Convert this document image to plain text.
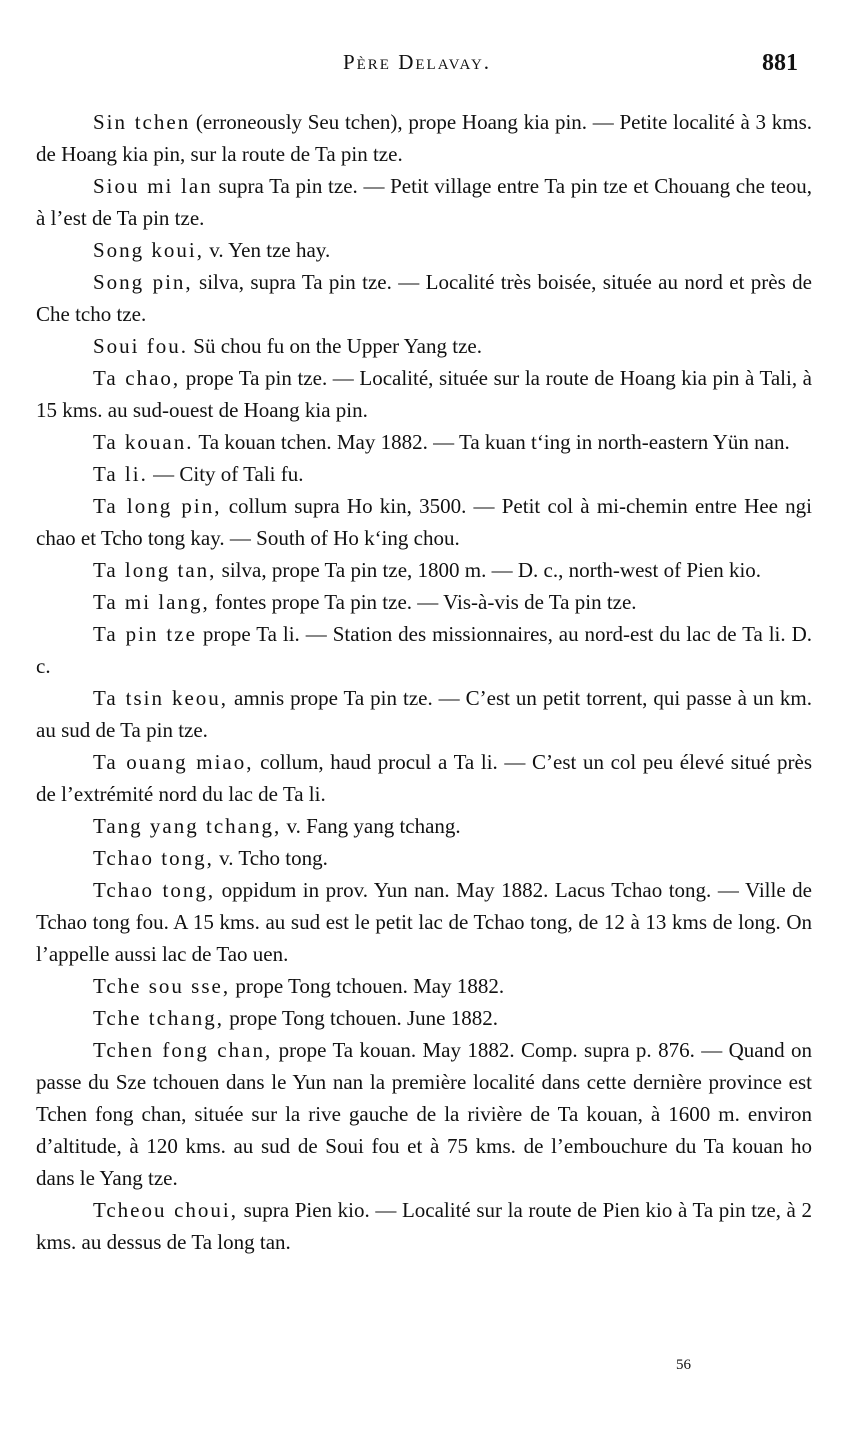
Père Delavay.	881

Sin tchen (erroneously Seu tchen), prope Hoang kia pin. — Petite localité à 3 kms. de Hoang kia pin, sur la route de Ta pin tze.

Siou mi lan supra Ta pin tze. — Petit village entre Ta pin tze et Chouang che teou, à l’est de Ta pin tze.

Song koui, v. Yen tze hay.

Song pin, silva, supra Ta pin tze. — Localité très boisée, située au nord et près de Che tcho tze.

Soui fou. Sü chou fu on the Upper Yang tze.

Ta chao, prope Ta pin tze. — Localité, située sur la route de Hoang kia pin à Tali, à 15 kms. au sud-ouest de Hoang kia pin.

Ta kouan. Ta kouan tchen. May 1882. — Ta kuan t‘ing in north-eastern Yün nan.

Ta li. — City of Tali fu.

Ta long pin, collum supra Ho kin, 3500. — Petit col à mi-chemin entre Hee ngi chao et Tcho tong kay. — South of Ho k‘ing chou.

Ta long tan, silva, prope Ta pin tze, 1800 m. — D. c., north-west of Pien kio.

Ta mi lang, fontes prope Ta pin tze. — Vis-à-vis de Ta pin tze.

Ta pin tze prope Ta li. — Station des missionnaires, au nord-est du lac de Ta li. D. c.

Ta tsin keou, amnis prope Ta pin tze. — C’est un petit torrent, qui passe à un km. au sud de Ta pin tze.

Ta ouang miao, collum, haud procul a Ta li. — C’est un col peu élevé situé près de l’extrémité nord du lac de Ta li.

Tang yang tchang, v. Fang yang tchang.

Tchao tong, v. Tcho tong.

Tchao tong, oppidum in prov. Yun nan. May 1882. Lacus Tchao tong. — Ville de Tchao tong fou. A 15 kms. au sud est le petit lac de Tchao tong, de 12 à 13 kms de long. On l’appelle aussi lac de Tao uen.

Tche sou sse, prope Tong tchouen. May 1882.

Tche tchang, prope Tong tchouen. June 1882.

Tchen fong chan, prope Ta kouan. May 1882. Comp. supra p. 876. — Quand on passe du Sze tchouen dans le Yun nan la première localité dans cette dernière province est Tchen fong chan, située sur la rive gauche de la rivière de Ta kouan, à 1600 m. environ d’altitude, à 120 kms. au sud de Soui fou et à 75 kms. de l’embouchure du Ta kouan ho dans le Yang tze.

Tcheou choui, supra Pien kio. — Localité sur la route de Pien kio à Ta pin tze, à 2 kms. au dessus de Ta long tan.

56
